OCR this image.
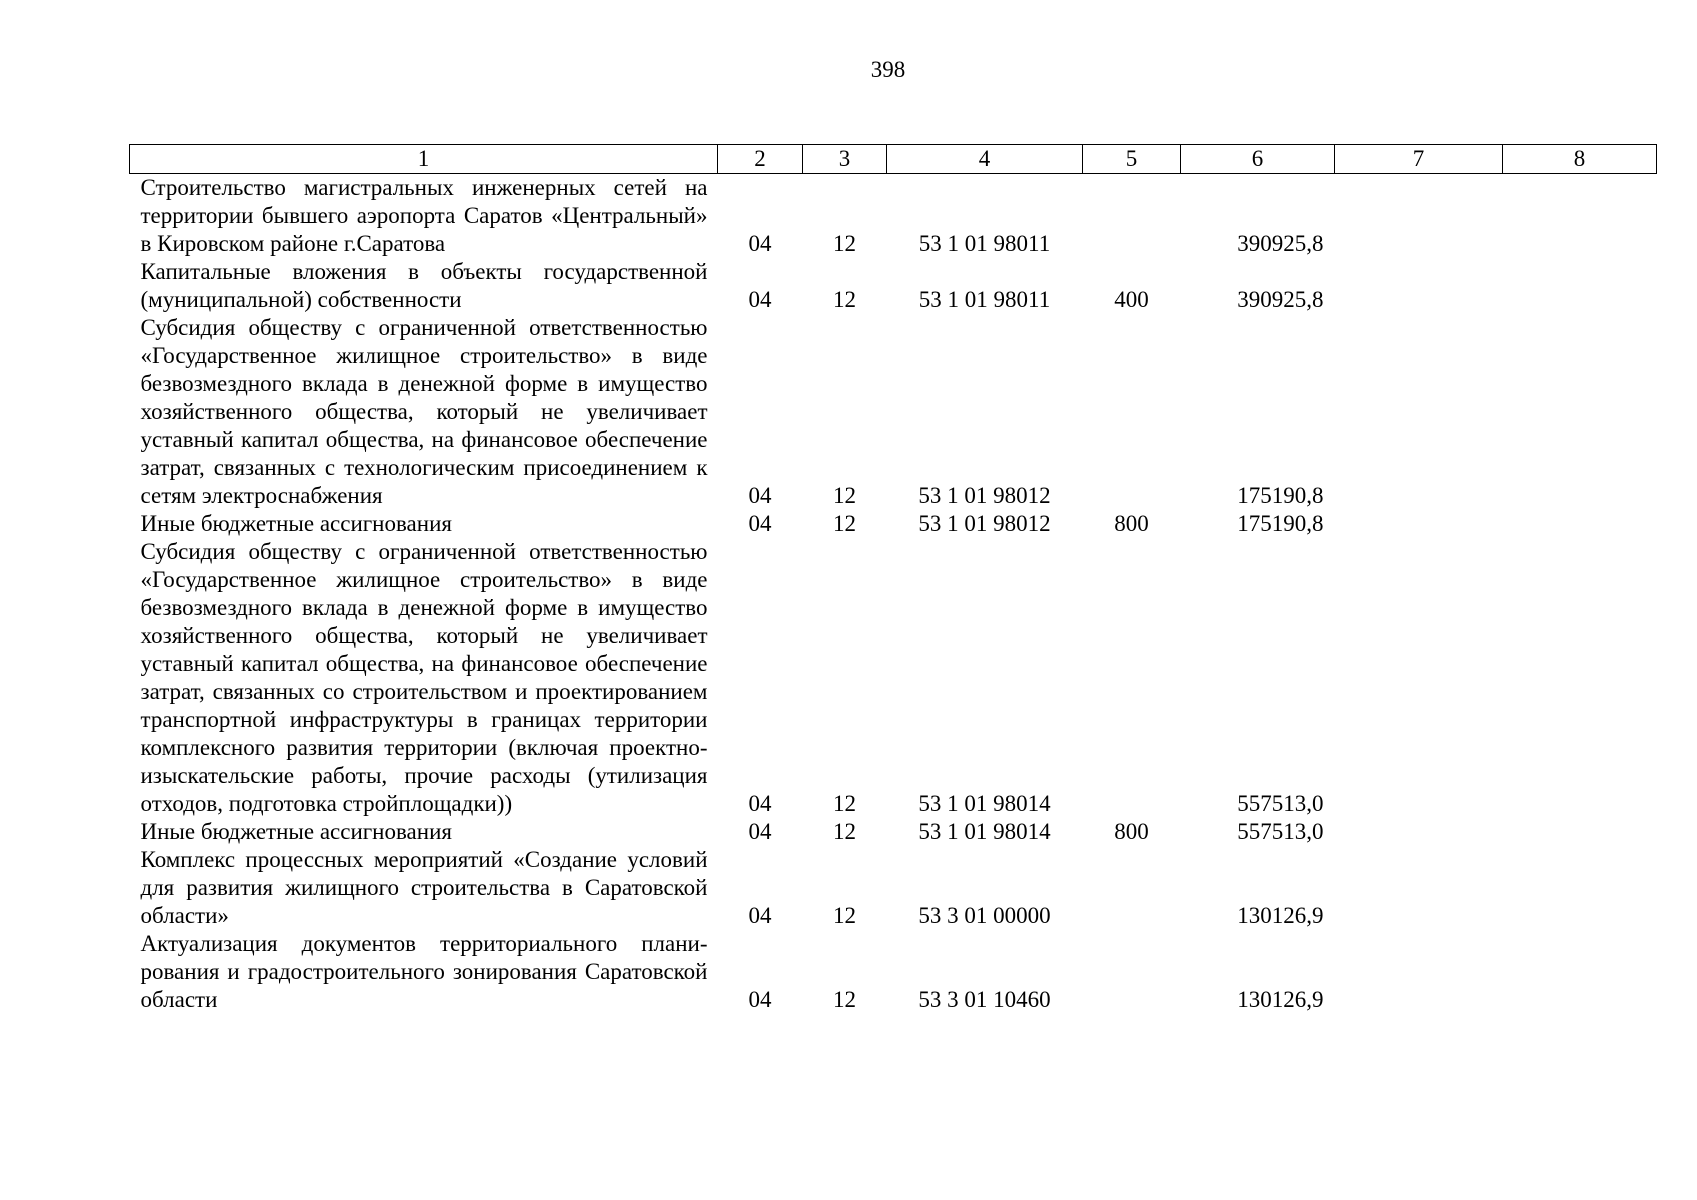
398
1	2	3	4	5	6	7	8
Строительство магистральных инженерных сетей на территории бывшего аэропорта Саратов «Центральный» в Кировском районе г.Саратова	04	12	53 1 01 98011		390925,8		
Капитальные вложения в объекты государственной (муниципальной) собственности	04	12	53 1 01 98011	400	390925,8		
Субсидия обществу с ограниченной ответственностью «Государственное жилищное строительство» в виде безвозмездного вклада в денежной форме в имущество хозяйственного общества, который не увеличивает уставный капитал общества, на финансовое обеспечение затрат, связанных с технологическим присоединением к сетям электроснабжения	04	12	53 1 01 98012		175190,8		
Иные бюджетные ассигнования	04	12	53 1 01 98012	800	175190,8		
Субсидия обществу с ограниченной ответственностью «Государственное жилищное строительство» в виде безвозмездного вклада в денежной форме в имущество хозяйственного общества, который не увеличивает уставный капитал общества, на финансовое обеспечение затрат, связанных со строительством и проектированием транспортной инфраструктуры в границах территории комплексного развития территории (включая проектно-изыскательские работы, прочие расходы (утилизация отходов, подготовка стройплощадки))	04	12	53 1 01 98014		557513,0		
Иные бюджетные ассигнования	04	12	53 1 01 98014	800	557513,0		
Комплекс процессных мероприятий «Создание условий для развития жилищного строительства в Саратовской области»	04	12	53 3 01 00000		130126,9		
Актуализация документов территориального планирования и градостроительного зонирования Саратовской области	04	12	53 3 01 10460		130126,9		
